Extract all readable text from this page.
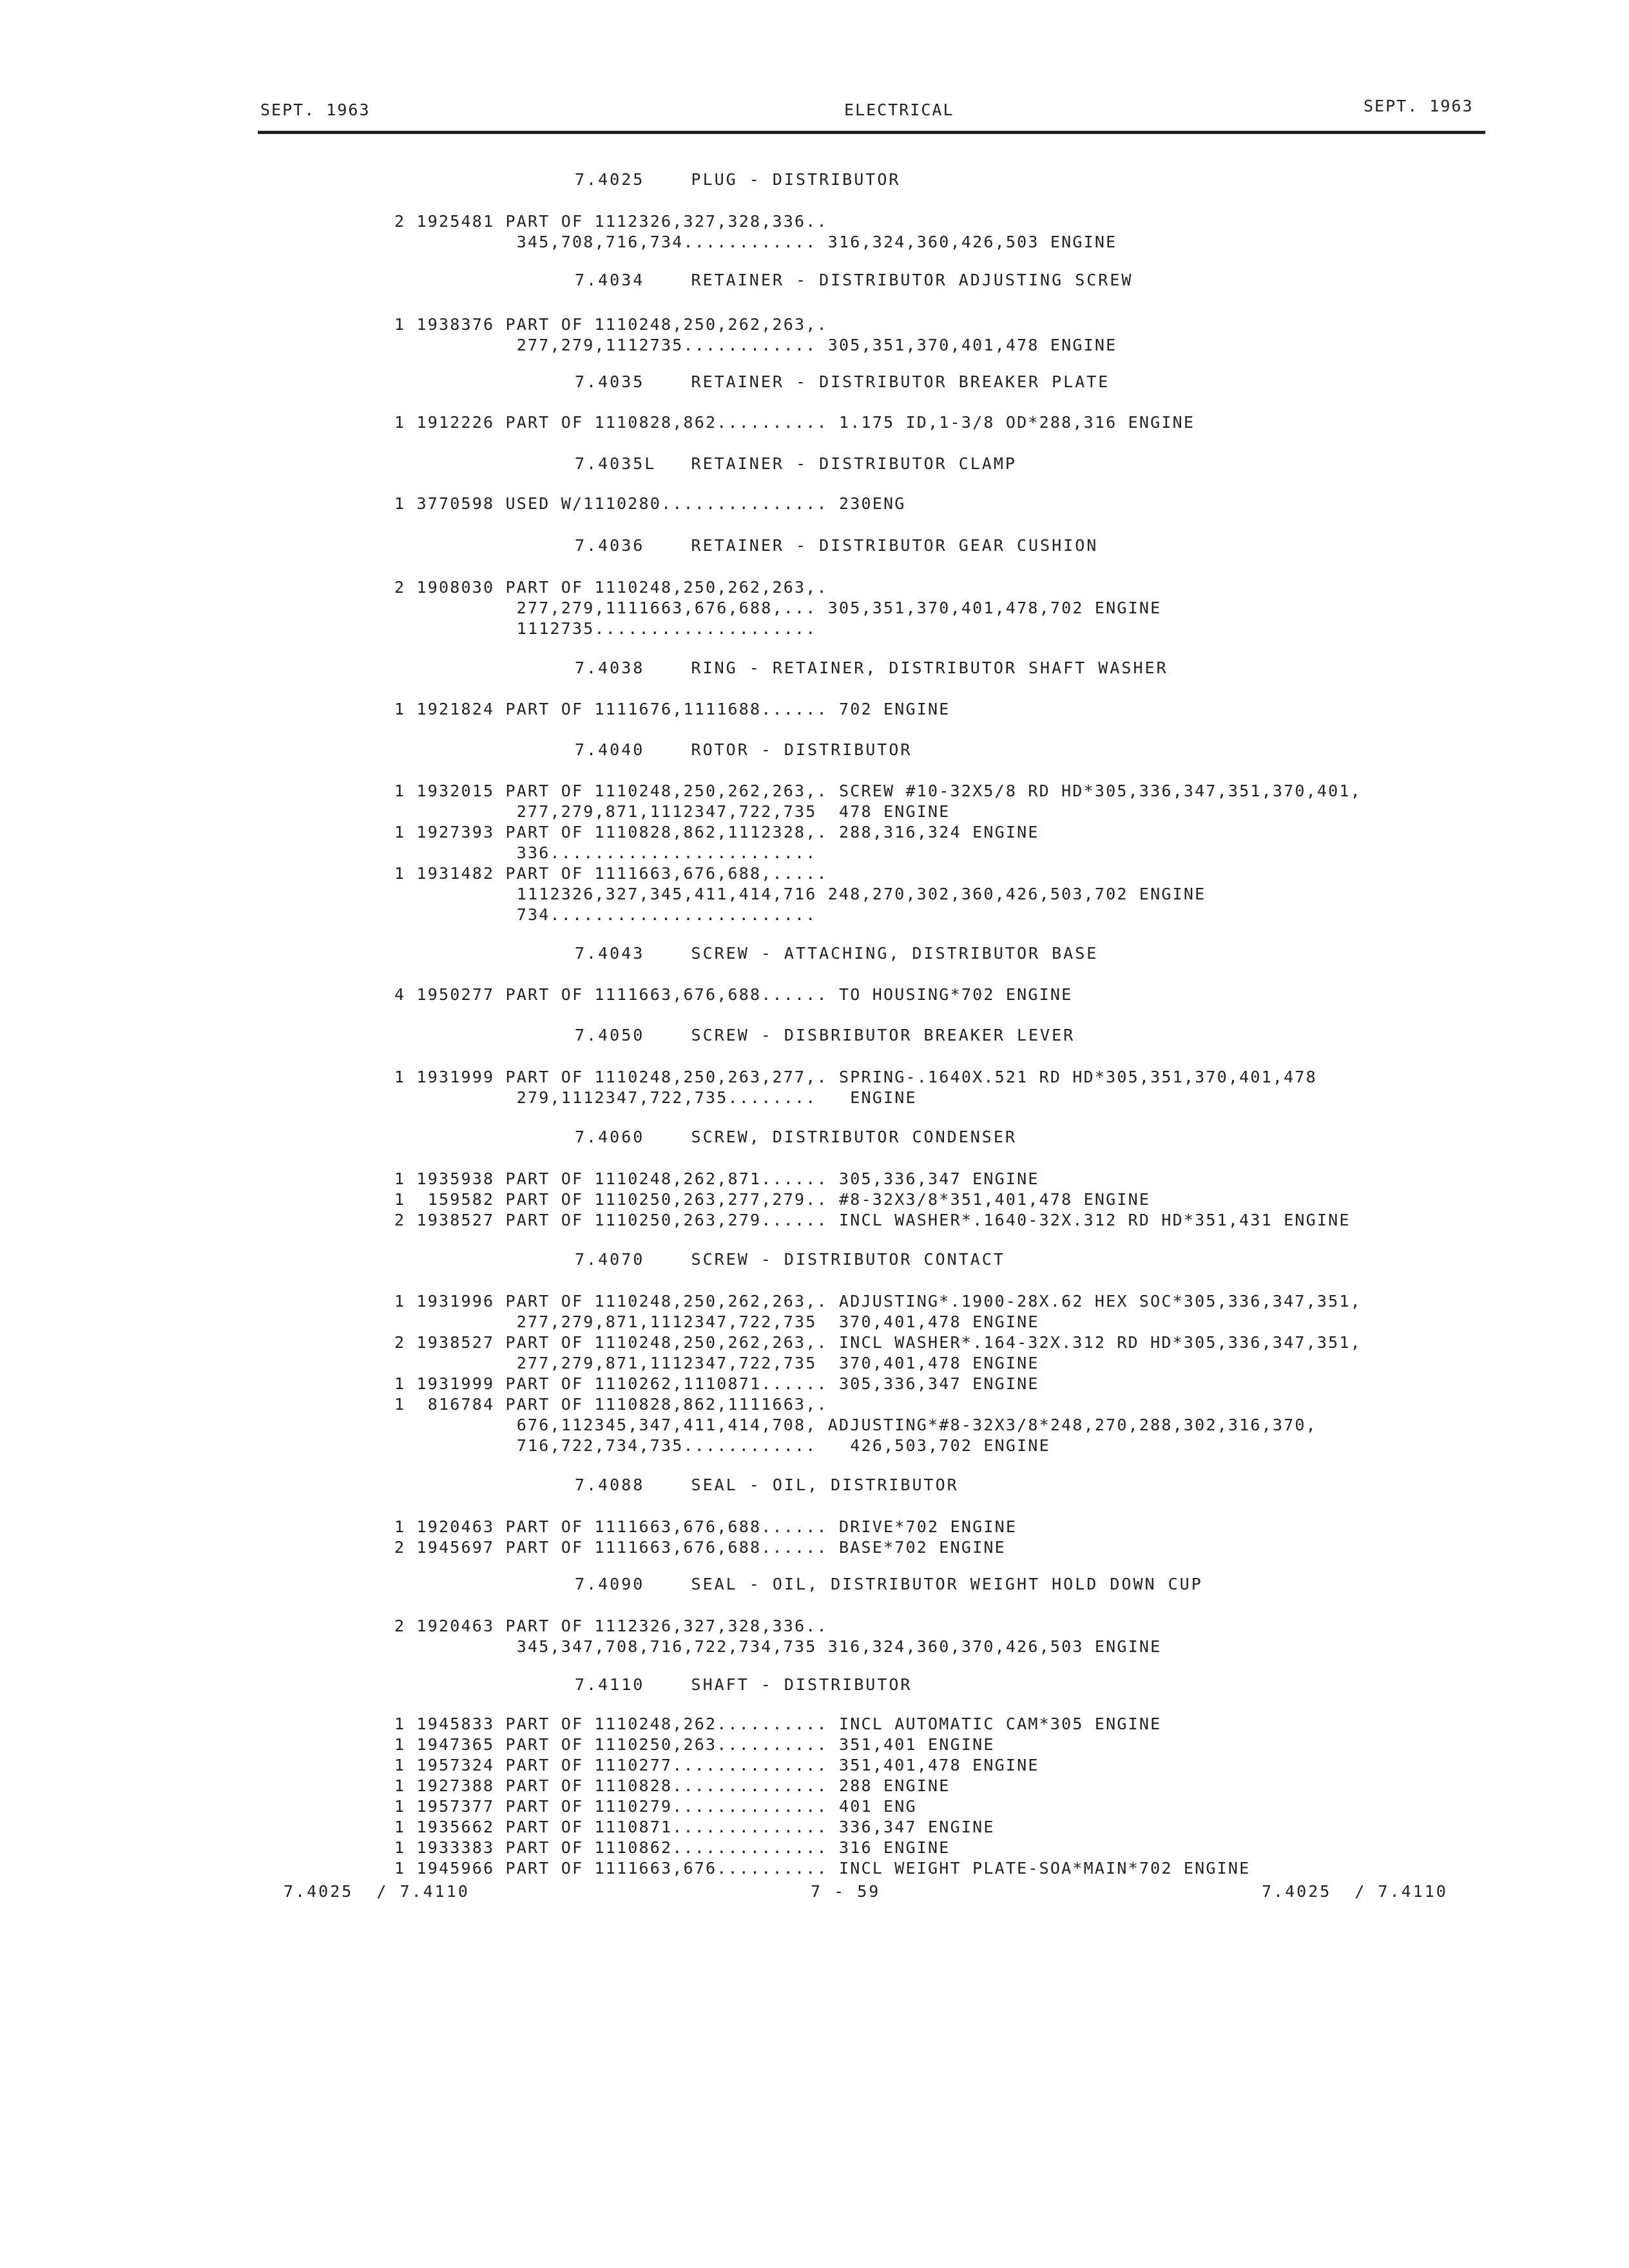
SEPT. 1963	ELECTRICAL	SEPT. 1963
7.4025    PLUG - DISTRIBUTOR
2 1925481 PART OF 1112326,327,328,336..
345,708,716,734............ 316,324,360,426,503 ENGINE
7.4034    RETAINER - DISTRIBUTOR ADJUSTING SCREW
1 1938376 PART OF 1110248,250,262,263,.
277,279,1112735............ 305,351,370,401,478 ENGINE
7.4035    RETAINER - DISTRIBUTOR BREAKER PLATE
1 1912226 PART OF 1110828,862.......... 1.175 ID,1-3/8 OD*288,316 ENGINE
7.4035L   RETAINER - DISTRIBUTOR CLAMP
1 3770598 USED W/1110280............... 230ENG
7.4036    RETAINER - DISTRIBUTOR GEAR CUSHION
2 1908030 PART OF 1110248,250,262,263,.
277,279,1111663,676,688,... 305,351,370,401,478,702 ENGINE
1112735....................
7.4038    RING - RETAINER, DISTRIBUTOR SHAFT WASHER
1 1921824 PART OF 1111676,1111688...... 702 ENGINE
7.4040    ROTOR - DISTRIBUTOR
1 1932015 PART OF 1110248,250,262,263,. SCREW #10-32X5/8 RD HD*305,336,347,351,370,401,
277,279,871,1112347,722,735  478 ENGINE
1 1927393 PART OF 1110828,862,1112328,. 288,316,324 ENGINE
336........................
1 1931482 PART OF 1111663,676,688,.....
1112326,327,345,411,414,716 248,270,302,360,426,503,702 ENGINE
734........................
7.4043    SCREW - ATTACHING, DISTRIBUTOR BASE
4 1950277 PART OF 1111663,676,688...... TO HOUSING*702 ENGINE
7.4050    SCREW - DISBRIBUTOR BREAKER LEVER
1 1931999 PART OF 1110248,250,263,277,. SPRING-.1640X.521 RD HD*305,351,370,401,478
279,1112347,722,735........   ENGINE
7.4060    SCREW, DISTRIBUTOR CONDENSER
1 1935938 PART OF 1110248,262,871...... 305,336,347 ENGINE
1  159582 PART OF 1110250,263,277,279.. #8-32X3/8*351,401,478 ENGINE
2 1938527 PART OF 1110250,263,279...... INCL WASHER*.1640-32X.312 RD HD*351,431 ENGINE
7.4070    SCREW - DISTRIBUTOR CONTACT
1 1931996 PART OF 1110248,250,262,263,. ADJUSTING*.1900-28X.62 HEX SOC*305,336,347,351,
277,279,871,1112347,722,735  370,401,478 ENGINE
2 1938527 PART OF 1110248,250,262,263,. INCL WASHER*.164-32X.312 RD HD*305,336,347,351,
277,279,871,1112347,722,735  370,401,478 ENGINE
1 1931999 PART OF 1110262,1110871...... 305,336,347 ENGINE
1  816784 PART OF 1110828,862,1111663,.
676,112345,347,411,414,708, ADJUSTING*#8-32X3/8*248,270,288,302,316,370,
716,722,734,735............   426,503,702 ENGINE
7.4088    SEAL - OIL, DISTRIBUTOR
1 1920463 PART OF 1111663,676,688...... DRIVE*702 ENGINE
2 1945697 PART OF 1111663,676,688...... BASE*702 ENGINE
7.4090    SEAL - OIL, DISTRIBUTOR WEIGHT HOLD DOWN CUP
2 1920463 PART OF 1112326,327,328,336..
345,347,708,716,722,734,735 316,324,360,370,426,503 ENGINE
7.4110    SHAFT - DISTRIBUTOR
1 1945833 PART OF 1110248,262.......... INCL AUTOMATIC CAM*305 ENGINE
1 1947365 PART OF 1110250,263.......... 351,401 ENGINE
1 1957324 PART OF 1110277.............. 351,401,478 ENGINE
1 1927388 PART OF 1110828.............. 288 ENGINE
1 1957377 PART OF 1110279.............. 401 ENG
1 1935662 PART OF 1110871.............. 336,347 ENGINE
1 1933383 PART OF 1110862.............. 316 ENGINE
1 1945966 PART OF 1111663,676.......... INCL WEIGHT PLATE-SOA*MAIN*702 ENGINE
7.4025  / 7.4110	7 - 59	7.4025  / 7.4110
